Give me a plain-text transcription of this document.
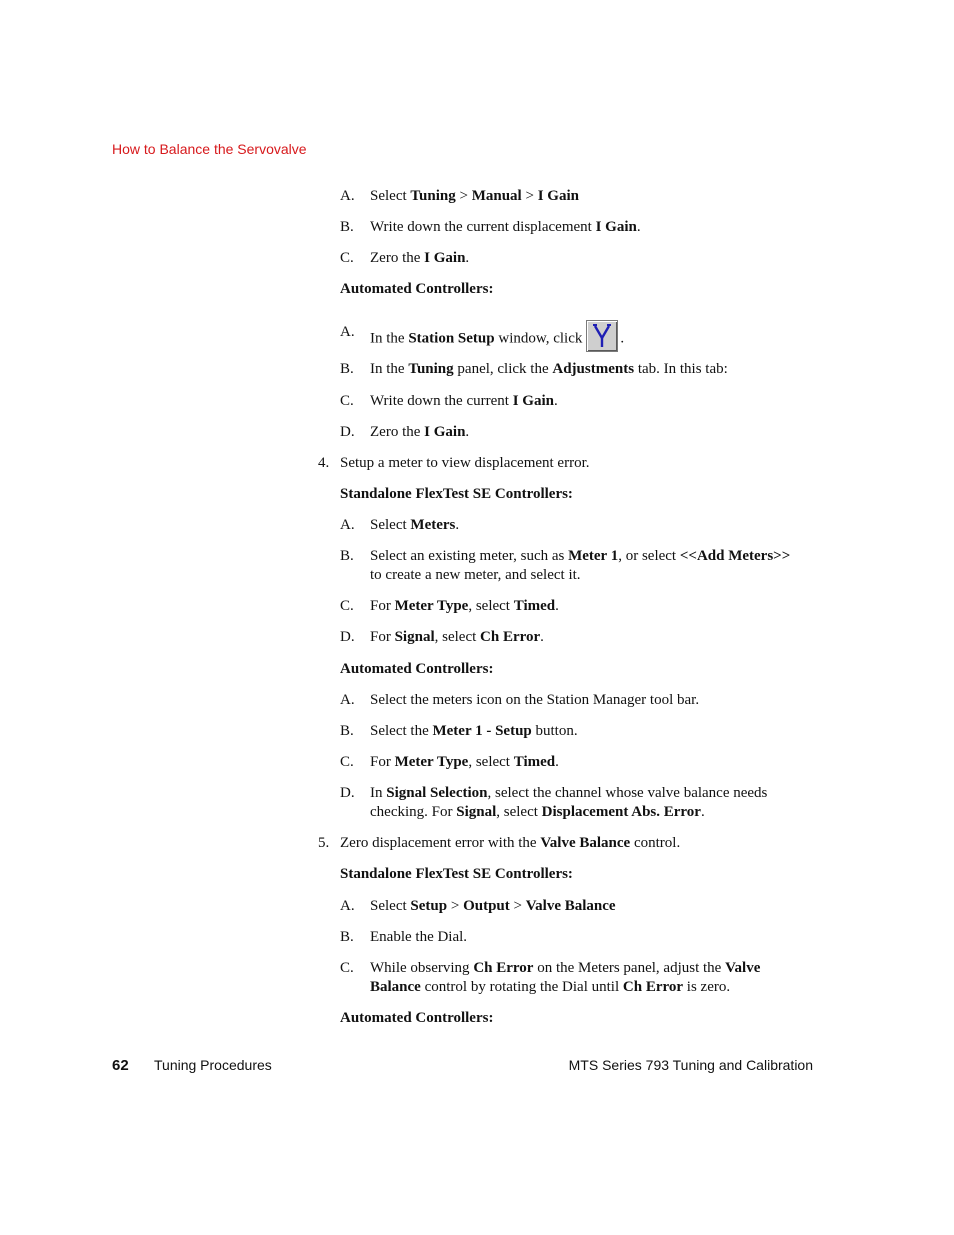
How to Balance the Servovalve
A.	Select Tuning > Manual > I Gain
B.	Write down the current displacement I Gain.
C.	Zero the I Gain.
Automated Controllers:
A.	In the Station Setup window, click	.
B.	In the Tuning panel, click the Adjustments tab. In this tab:
C.	Write down the current I Gain.
D.	Zero the I Gain.
4. Setup a meter to view displacement error.
Standalone FlexTest SE Controllers:
A.	Select Meters.
B.	Select an existing meter, such as Meter 1, or select <<Add Meters>>
to create a new meter, and select it.
C.	For Meter Type, select Timed.
D.	For Signal, select Ch Error.
Automated Controllers:
A.	Select the meters icon on the Station Manager tool bar.
B.	Select the Meter 1 - Setup button.
C.	For Meter Type, select Timed.
D.	In Signal Selection, select the channel whose valve balance needs
checking. For Signal, select Displacement Abs. Error.
5. Zero displacement error with the Valve Balance control.
Standalone FlexTest SE Controllers:
A.	Select Setup > Output > Valve Balance
B.	Enable the Dial.
C.	While observing Ch Error on the Meters panel, adjust the Valve
Balance control by rotating the Dial until Ch Error is zero.
Automated Controllers:
62 Tuning Procedures	MTS Series 793 Tuning and Calibration
